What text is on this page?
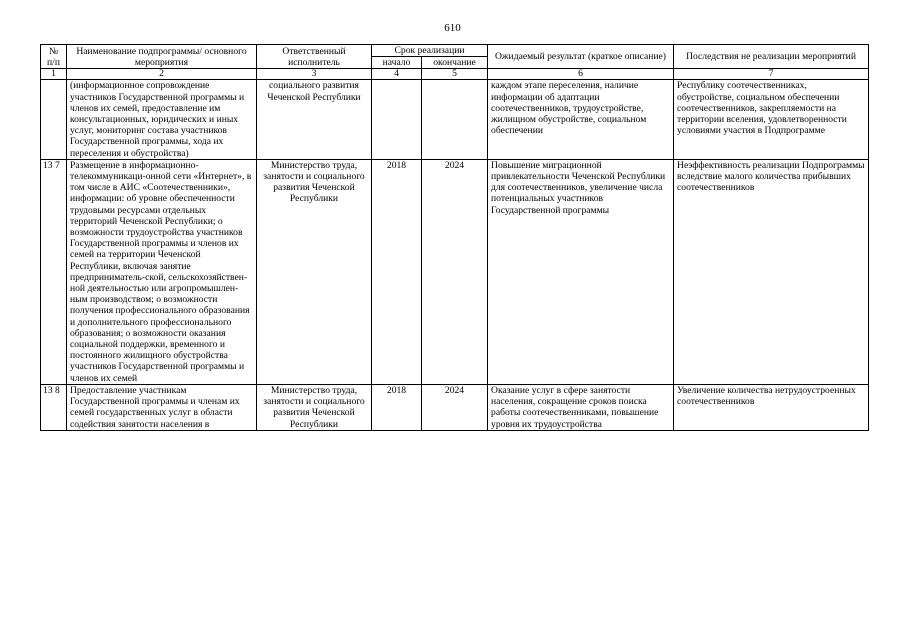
610
№ п/п	Наименование подпрограммы/ основного мероприятия	Ответственный исполнитель	Срок реализации		Ожидаемый результат (краткое описание)	Последствия не реализации мероприятий
			начало	окончание		
1	2	3	4	5	6	7
	(информационное сопровождение участников Государственной программы и членов их семей, предоставление им консультационных, юридических и иных услуг, мониторинг состава участников Государственной программы, хода их переселения и обустройства)	социального развития Чеченской Республики			каждом этапе переселения, наличие информации об адаптации соотечественников, трудоустройстве, жилищном обустройстве, социальном обеспечении	Республику соотечественниках, обустройстве, социальном обеспечении соотечественников, закрепляемости на территории вселения, удовлетворенности условиями участия в Подпрограмме
13 7	Размещение в информационно-телекоммуникаци-онной сети «Интернет», в том числе в АИС «Соотечественники», информации: об уровне обеспеченности трудовыми ресурсами отдельных территорий Чеченской Республики; о возможности трудоустройства участников Государственной программы и членов их семей на территории Чеченской Республики, включая занятие предприниматель-ской, сельскохозяйствен-ной деятельностью или агропромышлен-ным производством; о возможности получения профессионального образования и дополнительного профессионального образования; о возможности оказания социальной поддержки, временного и постоянного жилищного обустройства участников Государственной программы и членов их семей	Министерство труда, занятости и социального развития Чеченской Республики	2018	2024	Повышение миграционной привлекательности Чеченской Республики для соотечественников, увеличение числа потенциальных участников Государственной программы	Неэффективность реализации Подпрограммы вследствие малого количества прибывших соотечественников
13 8	Предоставление участникам Государственной программы и членам их семей государственных услуг в области содействия занятости населения в	Министерство труда, занятости и социального развития Чеченской Республики	2018	2024	Оказание услуг в сфере занятости населения, сокращение сроков поиска работы соотечественниками, повышение уровня их трудоустройства	Увеличение количества нетрудоустроенных соотечественников
